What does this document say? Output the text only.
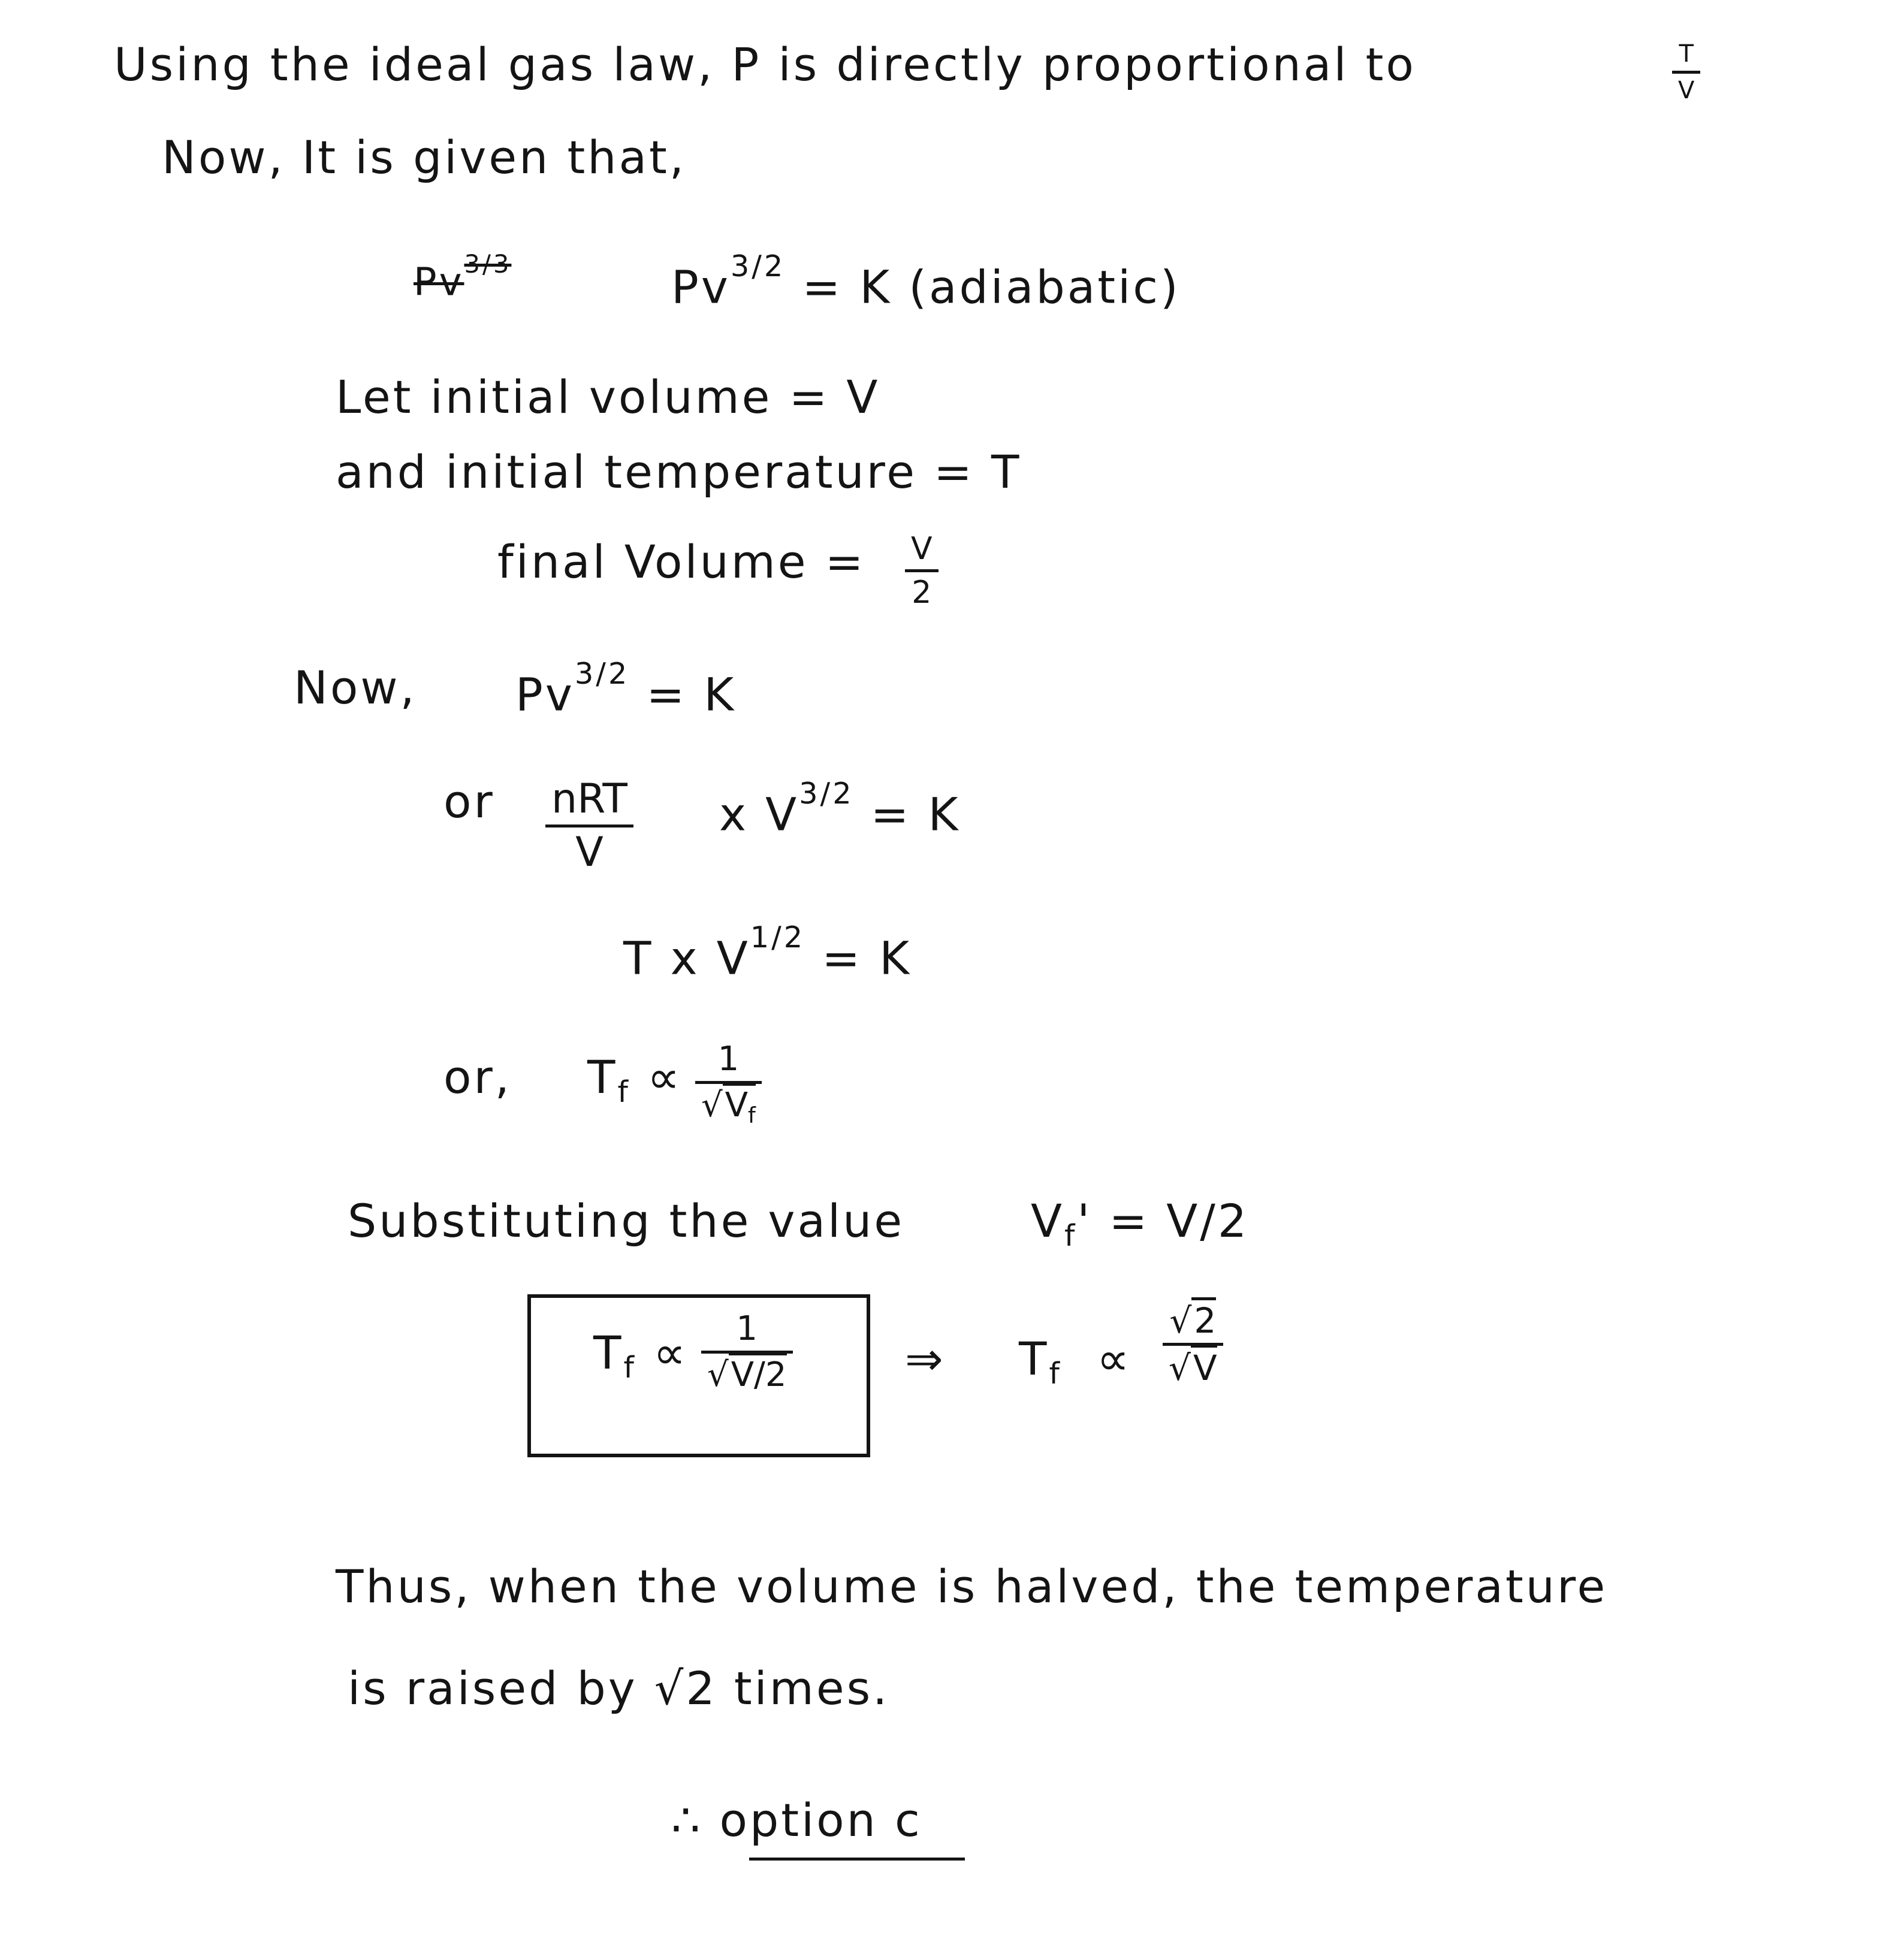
Using the ideal gas law, P is directly proportional to	T
V
Now, It is given that,
$Pv^{3/3}$	$Pv^{3/2} = K$ (adiabatic)
Let initial volume = V
and initial temperature = T
final Volume = V
2
Now, $Pv^{3/2} = K$
or nRT
V
x $V^{3/2} = K$
T x $V^{1/2} = K$
or, $T_f \propto 1$
$√V_f$
Substituting the value	$V_f' = V/2$
$T_f \propto 1$
√V/2	⇒ $T_f$ ∝
√2
√V
Thus, when the volume is halved, the temperature
is raised by √2 times.
∴ option c
